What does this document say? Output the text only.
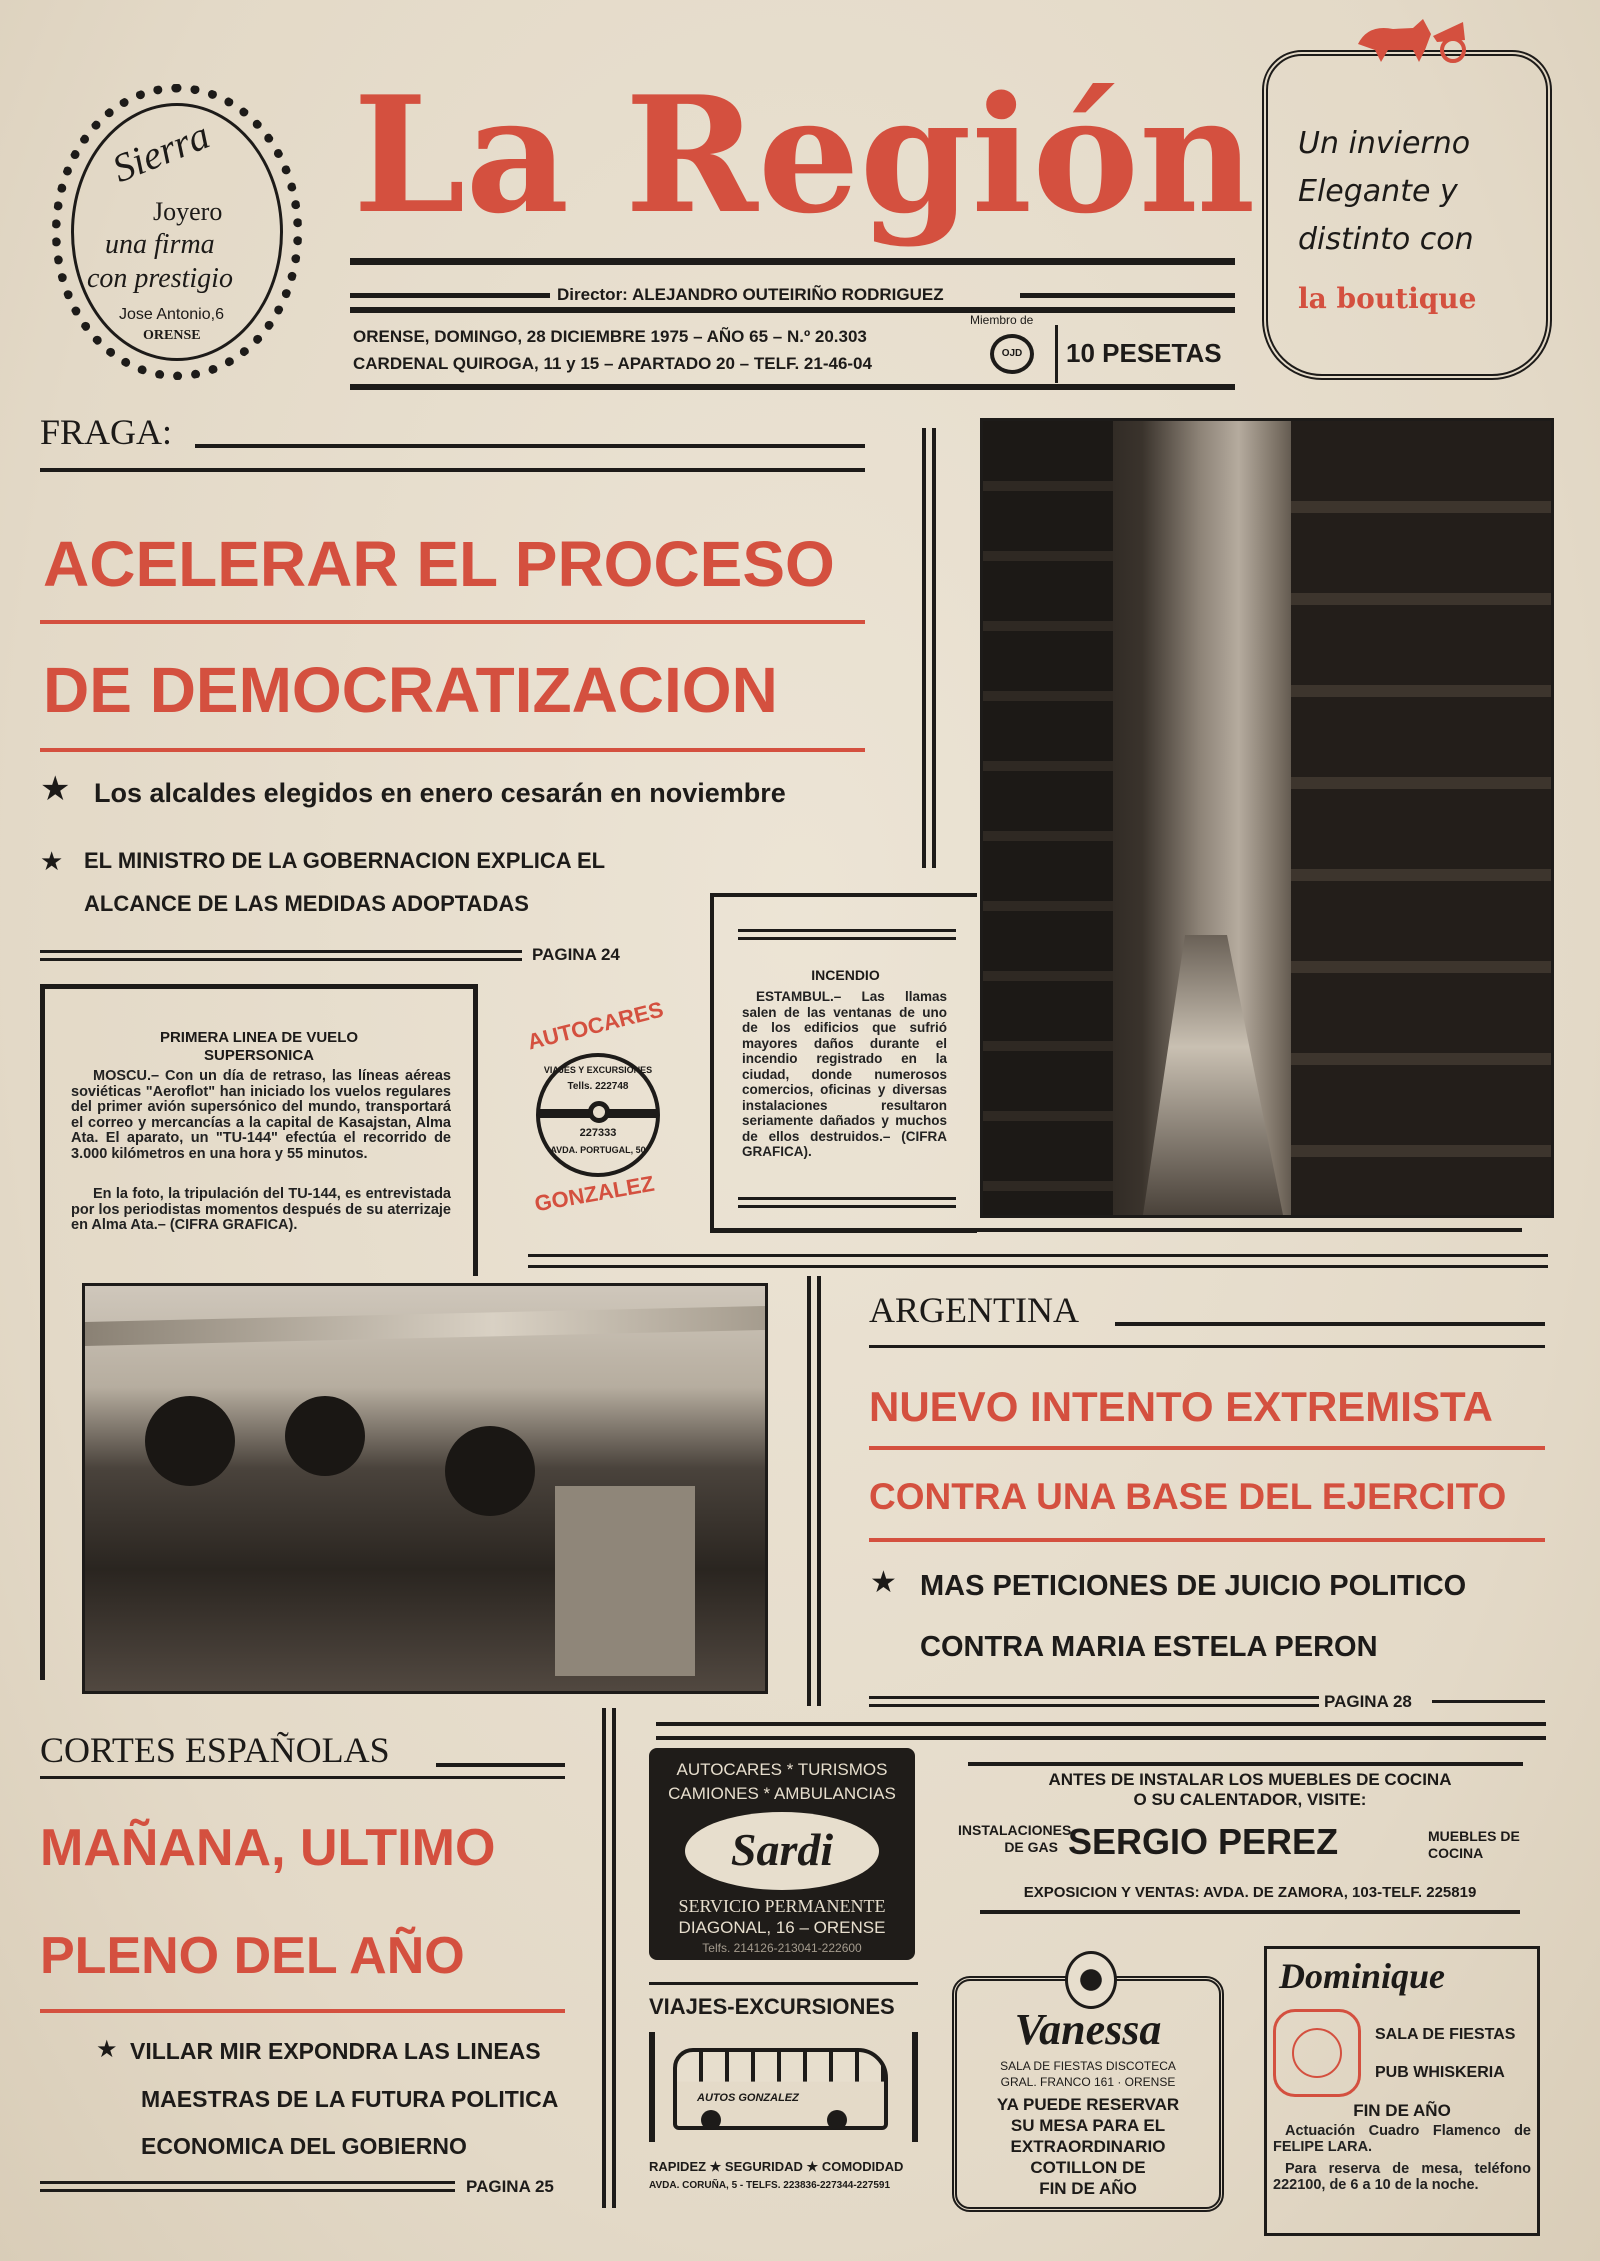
Sierra
Joyero
una firma
con prestigio
Jose Antonio,6
ORENSE
La Región
Director: ALEJANDRO OUTEIRIÑO RODRIGUEZ
ORENSE, DOMINGO, 28 DICIEMBRE 1975 – AÑO 65 – N.º 20.303
CARDENAL QUIROGA, 11 y 15 – APARTADO 20 – TELF. 21-46-04
Miembro de
OJD	10 PESETAS
Un invierno
Elegante y
distinto con
la boutique
FRAGA:
ACELERAR EL PROCESO
DE DEMOCRATIZACION
★ Los alcaldes elegidos en enero cesarán en noviembre
★ EL MINISTRO DE LA GOBERNACION EXPLICA EL
ALCANCE DE LAS MEDIDAS ADOPTADAS
PAGINA 24
INCENDIO
ESTAMBUL.– Las llamas salen de las ventanas de uno de los edificios que sufrió mayores daños durante el incendio registrado en la ciudad, donde numerosos comercios, oficinas y diversas instalaciones resultaron seriamente dañados y muchos de ellos destruidos.– (CIFRA GRAFICA).
PRIMERA LINEA DE VUELO
SUPERSONICA
MOSCU.– Con un día de retraso, las líneas aéreas soviéticas "Aeroflot" han iniciado los vuelos regulares del primer avión supersónico del mundo, transportará el correo y mercancías a la capital de Kasajstan, Alma Ata. El aparato, un "TU-144" efectúa el recorrido de 3.000 kilómetros en una hora y 55 minutos.
En la foto, la tripulación del TU-144, es entrevistada por los periodistas momentos después de su aterrizaje en Alma Ata.– (CIFRA GRAFICA).
AUTOCARES
VIAJES Y EXCURSIONES
Tells. 222748
227333
AVDA. PORTUGAL, 50
GONZALEZ
ARGENTINA
NUEVO INTENTO EXTREMISTA
CONTRA UNA BASE DEL EJERCITO
★ MAS PETICIONES DE JUICIO POLITICO
CONTRA MARIA ESTELA PERON
PAGINA 28
CORTES ESPAÑOLAS
MAÑANA, ULTIMO
PLENO DEL AÑO
★ VILLAR MIR EXPONDRA LAS LINEAS
MAESTRAS DE LA FUTURA POLITICA
ECONOMICA DEL GOBIERNO
PAGINA 25
AUTOCARES * TURISMOS
CAMIONES * AMBULANCIAS
Sardi
SERVICIO PERMANENTE
DIAGONAL, 16 – ORENSE
Telfs. 214126-213041-222600
ANTES DE INSTALAR LOS MUEBLES DE COCINA
O SU CALENTADOR, VISITE:
INSTALACIONES DE GAS SERGIO PEREZ	MUEBLES DE COCINA
EXPOSICION Y VENTAS: AVDA. DE ZAMORA, 103-TELF. 225819
VIAJES-EXCURSIONES
AUTOS GONZALEZ
RAPIDEZ ★ SEGURIDAD ★ COMODIDAD
AVDA. CORUÑA, 5 - TELFS. 223836-227344-227591
Vanessa
SALA DE FIESTAS DISCOTECA
GRAL. FRANCO 161 · ORENSE
YA PUEDE RESERVAR
SU MESA PARA EL
EXTRAORDINARIO
COTILLON DE
FIN DE AÑO
Dominique
SALA DE FIESTAS
PUB WHISKERIA
FIN DE AÑO
Actuación Cuadro Flamenco de FELIPE LARA.
Para reserva de mesa, teléfono 222100, de 6 a 10 de la noche.
